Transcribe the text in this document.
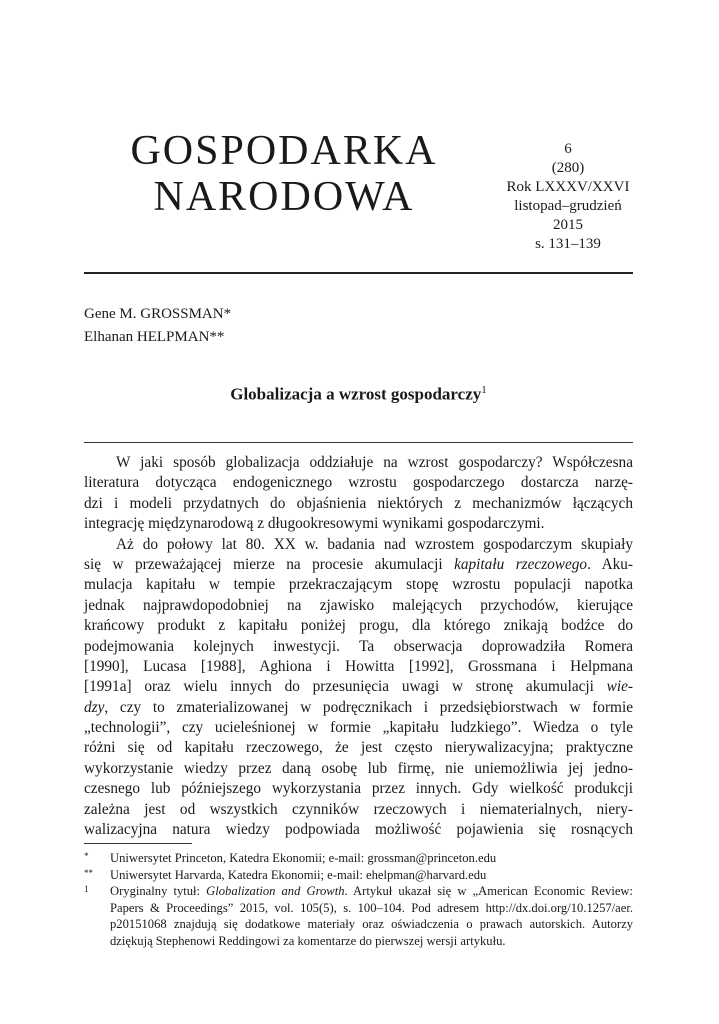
GOSPODARKA
NARODOWA
6
(280)
Rok LXXXV/XXVI
listopad–grudzień
2015
s. 131–139
Gene M. GROSSMAN*
Elhanan HELPMAN**
Globalizacja a wzrost gospodarczy$^1$
W jaki sposób globalizacja oddziałuje na wzrost gospodarczy? Współczesna
literatura dotycząca endogenicznego wzrostu gospodarczego dostarcza narzę-
dzi i modeli przydatnych do objaśnienia niektórych z mechanizmów łączących
integrację międzynarodową z długookresowymi wynikami gospodarczymi.
Aż do połowy lat 80. XX w. badania nad wzrostem gospodarczym skupiały
się w przeważającej mierze na procesie akumulacji kapitału rzeczowego. Aku-
mulacja kapitału w tempie przekraczającym stopę wzrostu populacji napotka
jednak najprawdopodobniej na zjawisko malejących przychodów, kierujące
krańcowy produkt z kapitału poniżej progu, dla którego znikają bodźce do
podejmowania kolejnych inwestycji. Ta obserwacja doprowadziła Romera
[1990], Lucasa [1988], Aghiona i Howitta [1992], Grossmana i Helpmana
[1991a] oraz wielu innych do przesunięcia uwagi w stronę akumulacji wie-
dzy, czy to zmaterializowanej w podręcznikach i przedsiębiorstwach w formie
„technologii”, czy ucieleśnionej w formie „kapitału ludzkiego”. Wiedza o tyle
różni się od kapitału rzeczowego, że jest często nierywalizacyjna; praktyczne
wykorzystanie wiedzy przez daną osobę lub firmę, nie uniemożliwia jej jedno-
czesnego lub późniejszego wykorzystania przez innych. Gdy wielkość produkcji
zależna jest od wszystkich czynników rzeczowych i niematerialnych, niery-
walizacyjna natura wiedzy podpowiada możliwość pojawienia się rosnących
* Uniwersytet Princeton, Katedra Ekonomii; e-mail: grossman@princeton.edu
** Uniwersytet Harvarda, Katedra Ekonomii; e-mail: ehelpman@harvard.edu
1 Oryginalny tytuł: Globalization and Growth. Artykuł ukazał się w „American Economic Review:
Papers & Proceedings” 2015, vol. 105(5), s. 100–104. Pod adresem http://dx.doi.org/10.1257/aer.
p20151068 znajdują się dodatkowe materiały oraz oświadczenia o prawach autorskich. Autorzy
dziękują Stephenowi Reddingowi za komentarze do pierwszej wersji artykułu.
